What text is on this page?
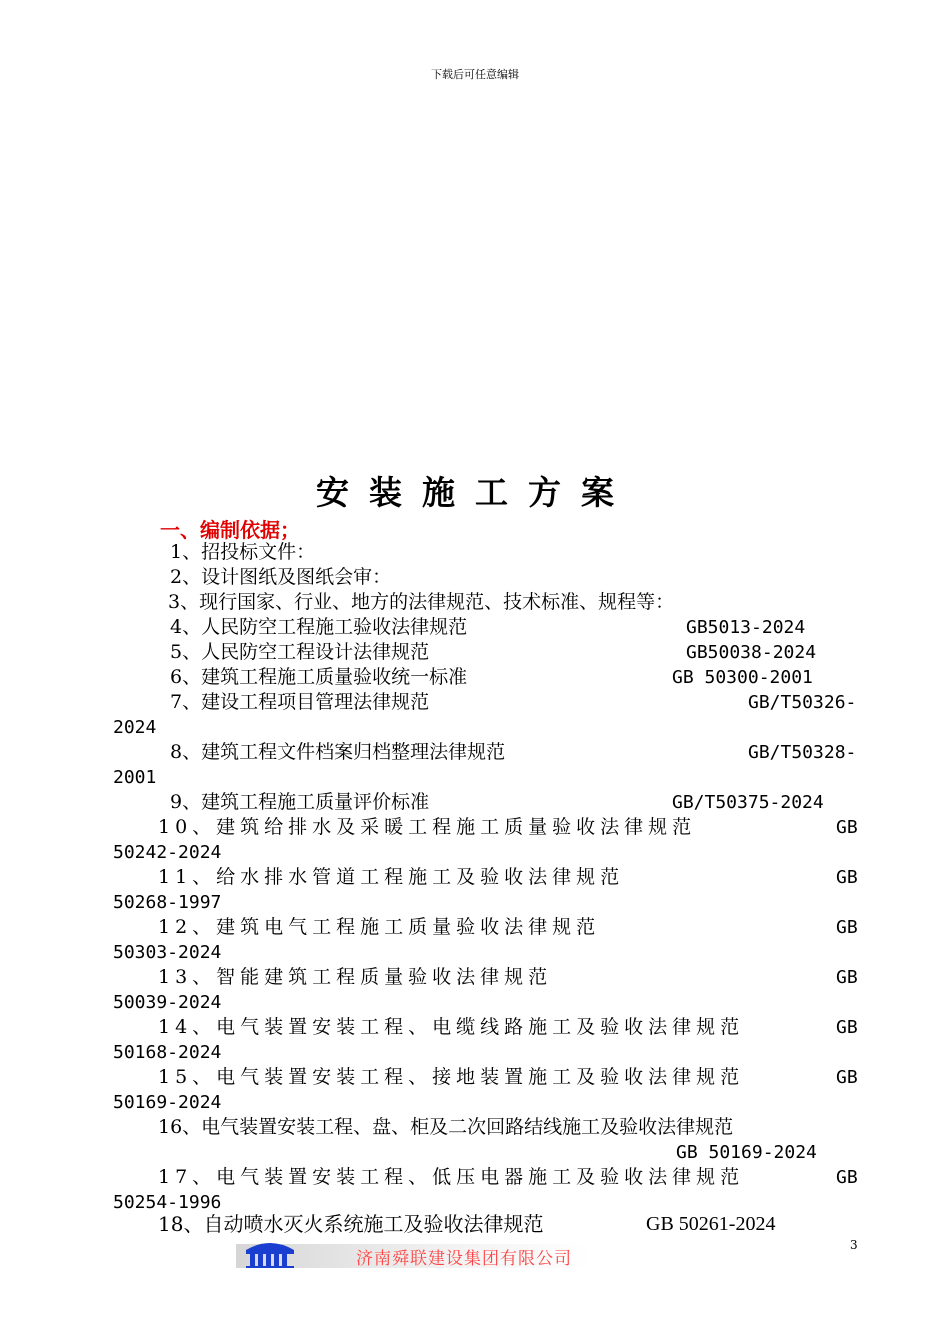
下载后可任意编辑
安装施工方案
一、编制依据；
1、招投标文件：
2、设计图纸及图纸会审：
3、现行国家、行业、地方的法律规范、技术标准、规程等：
4、人民防空工程施工验收法律规范	GB5013-2024
5、人民防空工程设计法律规范	GB50038-2024
6、建筑工程施工质量验收统一标准	GB 50300-2001
7、建设工程项目管理法律规范	GB/T50326-
2024
8、建筑工程文件档案归档整理法律规范	GB/T50328-
2001
9、建筑工程施工质量评价标准	GB/T50375-2024
10、建筑给排水及采暖工程施工质量验收法律规范	GB
50242-2024
11、给水排水管道工程施工及验收法律规范	GB
50268-1997
12、建筑电气工程施工质量验收法律规范	GB
50303-2024
13、智能建筑工程质量验收法律规范	GB
50039-2024
14、电气装置安装工程、电缆线路施工及验收法律规范	GB
50168-2024
15、电气装置安装工程、接地装置施工及验收法律规范	GB
50169-2024
16、电气装置安装工程、盘、柜及二次回路结线施工及验收法律规范
GB 50169-2024
17、电气装置安装工程、低压电器施工及验收法律规范	GB
50254-1996
18、自动喷水灭火系统施工及验收法律规范	GB 50261-2024
3
济南舜联建设集团有限公司
